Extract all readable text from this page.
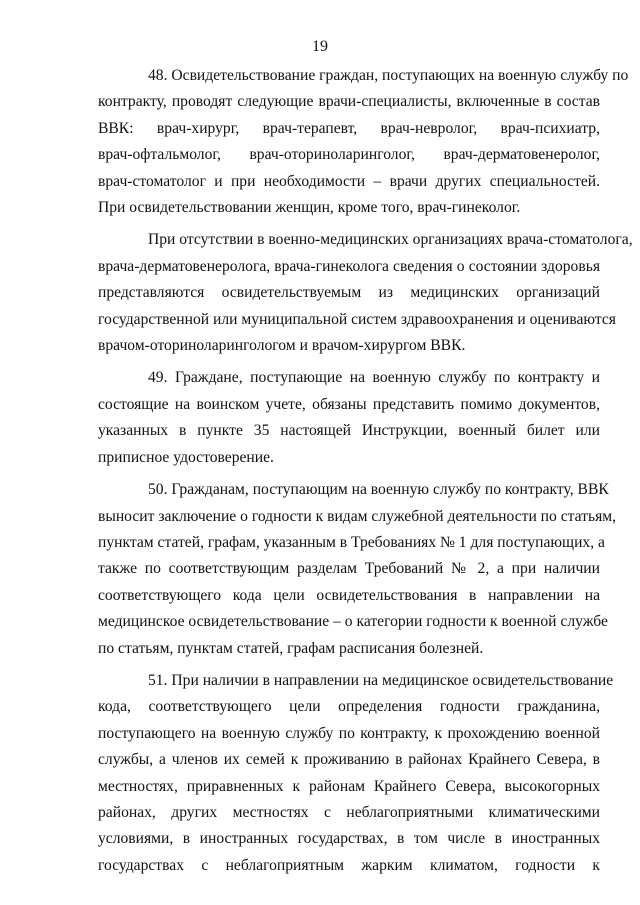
19
48. Освидетельствование граждан, поступающих на военную службу по
контракту, проводят следующие врачи-специалисты, включенные в состав
ВВК: врач-хирург, врач-терапевт, врач-невролог, врач-психиатр,
врач-офтальмолог, врач-оториноларинголог, врач-дерматовенеролог,
врач-стоматолог и при необходимости – врачи других специальностей.
При освидетельствовании женщин, кроме того, врач-гинеколог.
При отсутствии в военно-медицинских организациях врача-стоматолога,
врача-дерматовенеролога, врача-гинеколога сведения о состоянии здоровья
представляются освидетельствуемым из медицинских организаций
государственной или муниципальной систем здравоохранения и оцениваются
врачом-оториноларингологом и врачом-хирургом ВВК.
49. Граждане, поступающие на военную службу по контракту и
состоящие на воинском учете, обязаны представить помимо документов,
указанных в пункте 35 настоящей Инструкции, военный билет или
приписное удостоверение.
50. Гражданам, поступающим на военную службу по контракту, ВВК
выносит заключение о годности к видам служебной деятельности по статьям,
пунктам статей, графам, указанным в Требованиях № 1 для поступающих, а
также по соответствующим разделам Требований № 2, а при наличии
соответствующего кода цели освидетельствования в направлении на
медицинское освидетельствование – о категории годности к военной службе
по статьям, пунктам статей, графам расписания болезней.
51. При наличии в направлении на медицинское освидетельствование
кода, соответствующего цели определения годности гражданина,
поступающего на военную службу по контракту, к прохождению военной
службы, а членов их семей к проживанию в районах Крайнего Севера, в
местностях, приравненных к районам Крайнего Севера, высокогорных
районах, других местностях с неблагоприятными климатическими
условиями, в иностранных государствах, в том числе в иностранных
государствах с неблагоприятным жарким климатом, годности к
